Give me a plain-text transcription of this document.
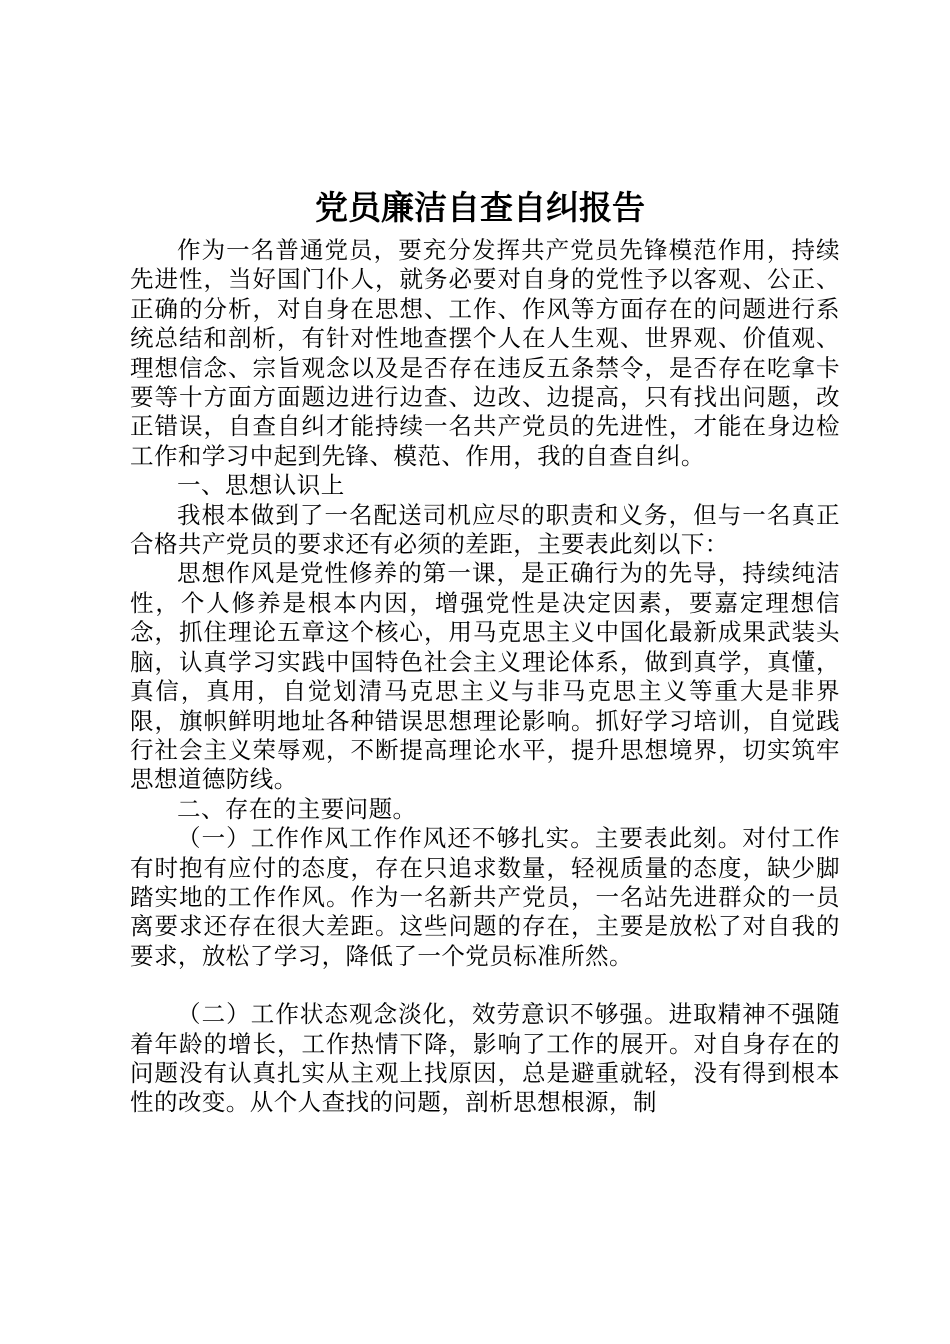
党员廉洁自查自纠报告

作为一名普通党员，要充分发挥共产党员先锋模范作用，持续先进性，当好国门仆人，就务必要对自身的党性予以客观、公正、正确的分析，对自身在思想、工作、作风等方面存在的问题进行系统总结和剖析，有针对性地查摆个人在人生观、世界观、价值观、理想信念、宗旨观念以及是否存在违反五条禁令，是否存在吃拿卡要等十方面方面题边进行边查、边改、边提高，只有找出问题，改正错误，自查自纠才能持续一名共产党员的先进性，才能在身边检工作和学习中起到先锋、模范、作用，我的自查自纠。

一、思想认识上

我根本做到了一名配送司机应尽的职责和义务，但与一名真正合格共产党员的要求还有必须的差距，主要表此刻以下：

思想作风是党性修养的第一课，是正确行为的先导，持续纯洁性，个人修养是根本内因，增强党性是决定因素，要嘉定理想信念，抓住理论五章这个核心，用马克思主义中国化最新成果武装头脑，认真学习实践中国特色社会主义理论体系，做到真学，真懂，真信，真用，自觉划清马克思主义与非马克思主义等重大是非界限，旗帜鲜明地址各种错误思想理论影响。抓好学习培训，自觉践行社会主义荣辱观，不断提高理论水平，提升思想境界，切实筑牢思想道德防线。

二、存在的主要问题。

（一）工作作风工作作风还不够扎实。主要表此刻。对付工作有时抱有应付的态度，存在只追求数量，轻视质量的态度，缺少脚踏实地的工作作风。作为一名新共产党员，一名站先进群众的一员离要求还存在很大差距。这些问题的存在，主要是放松了对自我的要求，放松了学习，降低了一个党员标准所然。

（二）工作状态观念淡化，效劳意识不够强。进取精神不强随着年龄的增长，工作热情下降，影响了工作的展开。对自身存在的问题没有认真扎实从主观上找原因，总是避重就轻，没有得到根本性的改变。从个人查找的问题，剖析思想根源，制
